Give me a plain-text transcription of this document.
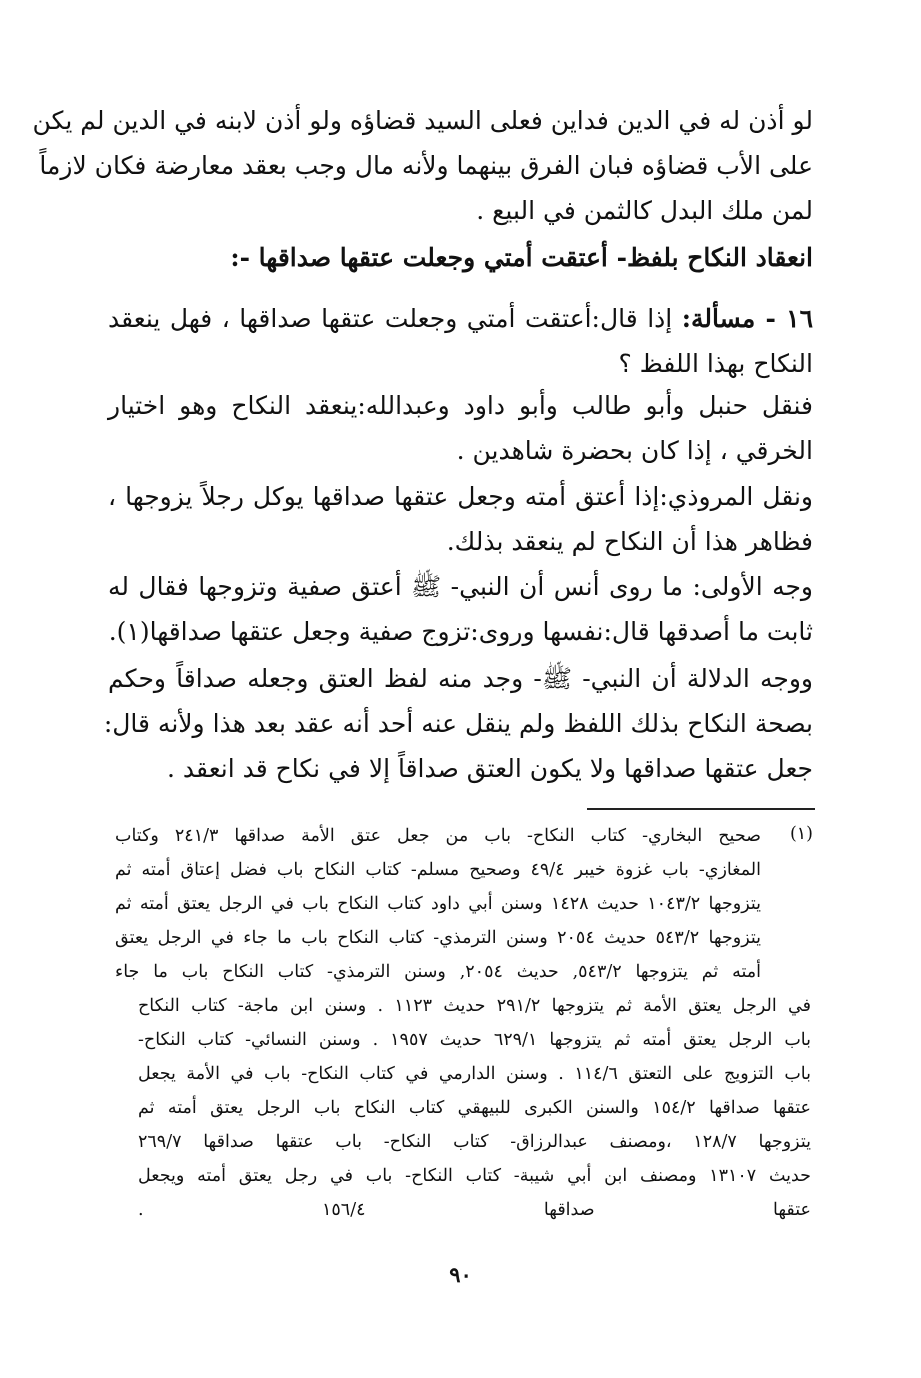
لو أذن له في الدين فداين فعلى السيد قضاؤه ولو أذن لابنه في الدين لم يكن
على الأب قضاؤه فبان الفرق بينهما ولأنه مال وجب بعقد معارضة فكان لازماً
لمن ملك البدل كالثمن في البيع .
انعقاد النكاح بلفظ- أعتقت أمتي وجعلت عتقها صداقها -:
١٦ - مسألة: إذا قال:أعتقت أمتي وجعلت عتقها صداقها ، فهل ينعقد
النكاح بهذا اللفظ ؟
فنقل حنبل وأبو طالب وأبو داود وعبدالله:ينعقد النكاح وهو اختيار
الخرقي ، إذا كان بحضرة شاهدين .
ونقل المروذي:إذا أعتق أمته وجعل عتقها صداقها يوكل رجلاً يزوجها ،
فظاهر هذا أن النكاح لم ينعقد بذلك.
وجه الأولى: ما روى أنس أن النبي- ﷺ أعتق صفية وتزوجها فقال له
ثابت ما أصدقها قال:نفسها وروى:تزوج صفية وجعل عتقها صداقها(١).
ووجه الدلالة أن النبي- ﷺ- وجد منه لفظ العتق وجعله صداقاً وحكم
بصحة النكاح بذلك اللفظ ولم ينقل عنه أحد أنه عقد بعد هذا ولأنه قال:
جعل عتقها صداقها ولا يكون العتق صداقاً إلا في نكاح قد انعقد .
(١)
صحيح البخاري- كتاب النكاح- باب من جعل عتق الأمة صداقها ٢٤١/٣ وكتاب
المغازي- باب غزوة خيبر ٤٩/٤ وصحيح مسلم- كتاب النكاح باب فضل إعتاق أمته ثم
يتزوجها ١٠٤٣/٢ حديث ١٤٢٨ وسنن أبي داود كتاب النكاح باب في الرجل يعتق أمته ثم
يتزوجها ٥٤٣/٢ حديث ٢٠٥٤ وسنن الترمذي- كتاب النكاح باب ما جاء في الرجل يعتق
أمته ثم يتزوجها ٥٤٣/٢, حديث ٢٠٥٤, وسنن الترمذي- كتاب النكاح باب ما جاء
في الرجل يعتق الأمة ثم يتزوجها ٢٩١/٢ حديث ١١٢٣ . وسنن ابن ماجة- كتاب النكاح
باب الرجل يعتق أمته ثم يتزوجها ٦٢٩/١ حديث ١٩٥٧ . وسنن النسائي- كتاب النكاح-
باب التزويج على التعتق ١١٤/٦ . وسنن الدارمي في كتاب النكاح- باب في الأمة يجعل
عتقها صداقها ١٥٤/٢ والسنن الكبرى للبيهقي كتاب النكاح باب الرجل يعتق أمته ثم
يتزوجها ١٢٨/٧ ،ومصنف عبدالرزاق- كتاب النكاح- باب عتقها صداقها ٢٦٩/٧
حديث ١٣١٠٧ ومصنف ابن أبي شيبة- كتاب النكاح- باب في رجل يعتق أمته ويجعل
عتقها صداقها ١٥٦/٤ .
٩٠
